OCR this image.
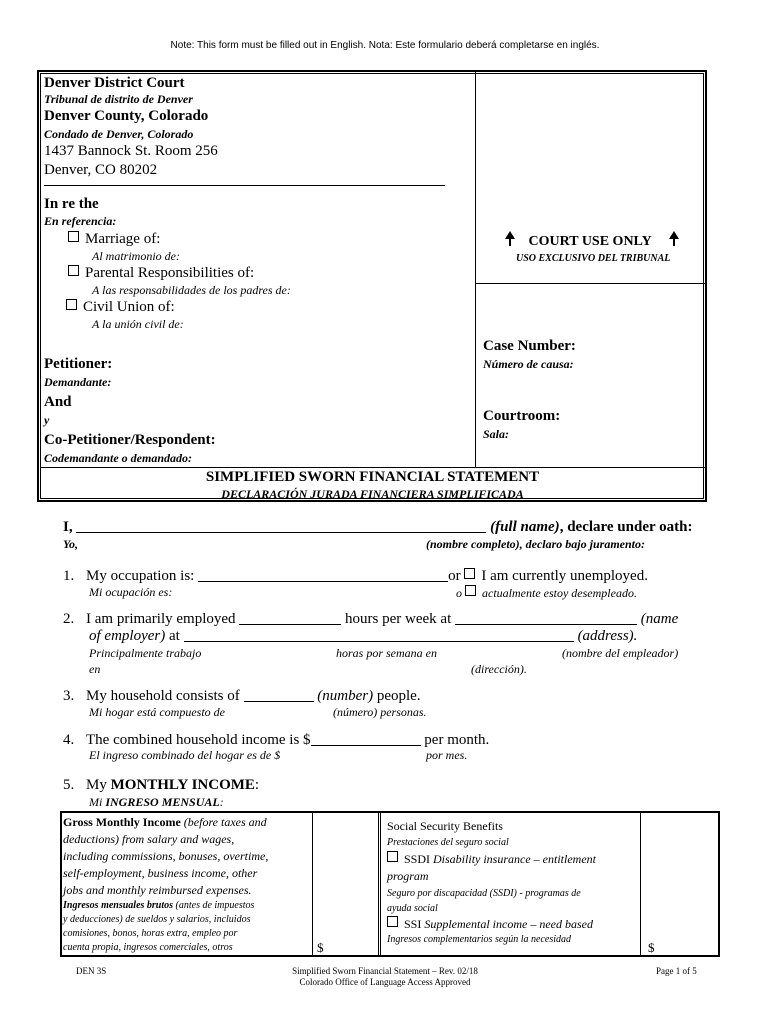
Note: This form must be filled out in English. Nota: Este formulario deberá completarse en inglés.
Denver District Court
Tribunal de distrito de Denver
Denver County, Colorado
Condado de Denver, Colorado
1437 Bannock St. Room 256
Denver, CO 80202
In re the
En referencia:
Marriage of:
Al matrimonio de:
Parental Responsibilities of:
A las responsabilidades de los padres de:
Civil Union of:
A la unión civil de:
Petitioner:
Demandante:
And
y
Co-Petitioner/Respondent:
Codemandante o demandado:
COURT USE ONLY
USO EXCLUSIVO DEL TRIBUNAL
Case Number:
Número de causa:
Courtroom:
Sala:
SIMPLIFIED SWORN FINANCIAL STATEMENT
DECLARACIÓN JURADA FINANCIERA SIMPLIFICADA
I,	(full name), declare under oath:
Yo,	(nombre completo), declaro bajo juramento:
1. My occupation is:	or I am currently unemployed.
Mi ocupación es:	o actualmente estoy desempleado.
2. I am primarily employed	hours per week at	(name
of employer) at	(address).
Principalmente trabajo	horas por semana en	(nombre del empleador)
en	(dirección).
3. My household consists of	(number) people.
Mi hogar está compuesto de	(número) personas.
4. The combined household income is $	per month.
El ingreso combinado del hogar es de $	por mes.
5. My MONTHLY INCOME:
Mi INGRESO MENSUAL:
Gross Monthly Income (before taxes and
deductions) from salary and wages,
including commissions, bonuses, overtime,
self-employment, business income, other
jobs and monthly reimbursed expenses.
Ingresos mensuales brutos (antes de impuestos
y deducciones) de sueldos y salarios, incluidos
comisiones, bonos, horas extra, empleo por
cuenta propia, ingresos comerciales, otros	$
Social Security Benefits
Prestaciones del seguro social
SSDI Disability insurance – entitlement
program
Seguro por discapacidad (SSDI) - programas de
ayuda social
SSI Supplemental income – need based
Ingresos complementarios según la necesidad
$
DEN 3S	Simplified Sworn Financial Statement – Rev. 02/18
Colorado Office of Language Access Approved
Page 1 of 5
